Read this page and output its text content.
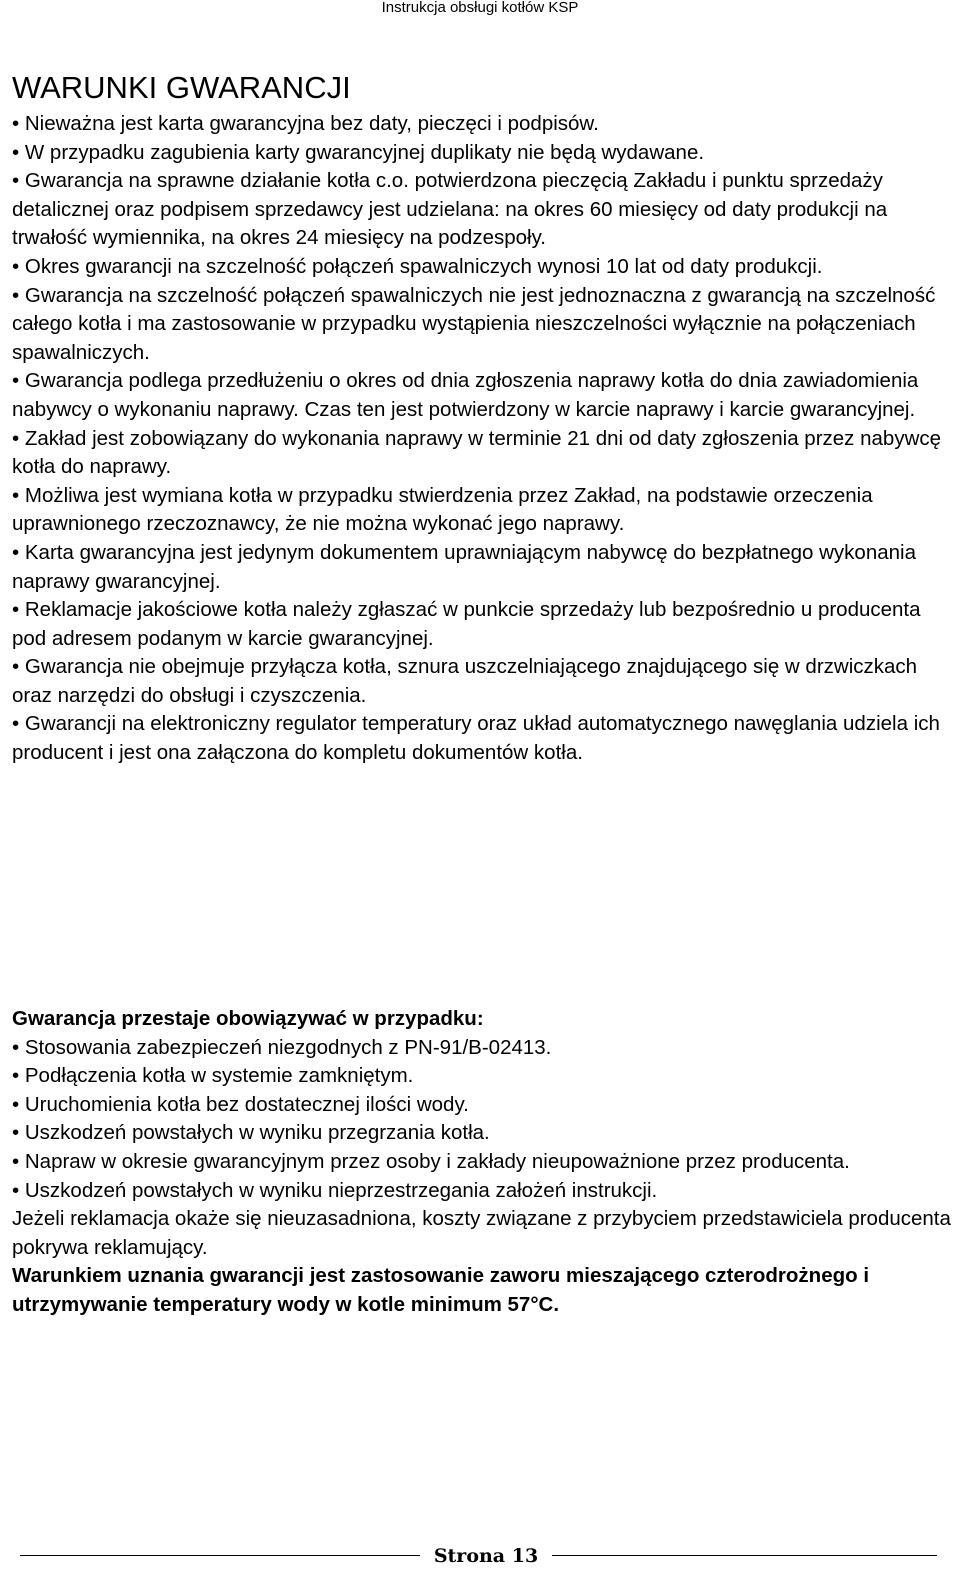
Instrukcja obsługi kotłów KSP
WARUNKI GWARANCJI

• Nieważna jest karta gwarancyjna bez daty, pieczęci i podpisów.

• W przypadku zagubienia karty gwarancyjnej duplikaty nie będą wydawane.

• Gwarancja na sprawne działanie kotła c.o. potwierdzona pieczęcią Zakładu i punktu sprzedaży detalicznej oraz podpisem sprzedawcy jest udzielana: na okres 60 miesięcy od daty produkcji na trwałość wymiennika, na okres 24 miesięcy na podzespoły.

• Okres gwarancji na szczelność połączeń spawalniczych wynosi 10 lat od daty produkcji.

• Gwarancja na szczelność połączeń spawalniczych nie jest jednoznaczna z gwarancją na szczelność całego kotła i ma zastosowanie w przypadku wystąpienia nieszczelności wyłącznie na połączeniach spawalniczych.

• Gwarancja podlega przedłużeniu o okres od dnia zgłoszenia naprawy kotła do dnia zawiadomienia nabywcy o wykonaniu naprawy. Czas ten jest potwierdzony w karcie naprawy i karcie gwarancyjnej.

• Zakład jest zobowiązany do wykonania naprawy w terminie 21 dni od daty zgłoszenia przez nabywcę kotła do naprawy.

• Możliwa jest wymiana kotła w przypadku stwierdzenia przez Zakład, na podstawie orzeczenia uprawnionego rzeczoznawcy, że nie można wykonać jego naprawy.

• Karta gwarancyjna jest jedynym dokumentem uprawniającym nabywcę do bezpłatnego wykonania

naprawy gwarancyjnej.

• Reklamacje jakościowe kotła należy zgłaszać w punkcie sprzedaży lub bezpośrednio u producenta

pod adresem podanym w karcie gwarancyjnej.

• Gwarancja nie obejmuje przyłącza kotła, sznura uszczelniającego znajdującego się w drzwiczkach oraz narzędzi do obsługi i czyszczenia.

• Gwarancji na elektroniczny regulator temperatury oraz układ automatycznego nawęglania udziela ich producent i jest ona załączona do kompletu dokumentów kotła.

Gwarancja przestaje obowiązywać w przypadku:

• Stosowania zabezpieczeń niezgodnych z PN-91/B-02413.

• Podłączenia kotła w systemie zamkniętym.

• Uruchomienia kotła bez dostatecznej ilości wody.

• Uszkodzeń powstałych w wyniku przegrzania kotła.

• Napraw w okresie gwarancyjnym przez osoby i zakłady nieupoważnione przez producenta.

• Uszkodzeń powstałych w wyniku nieprzestrzegania założeń instrukcji.

Jeżeli reklamacja okaże się nieuzasadniona, koszty związane z przybyciem przedstawiciela producenta pokrywa reklamujący.

Warunkiem uznania gwarancji jest zastosowanie zaworu mieszającego czterodrożnego i utrzymywanie temperatury wody w kotle minimum 57°C.

Strona 13
